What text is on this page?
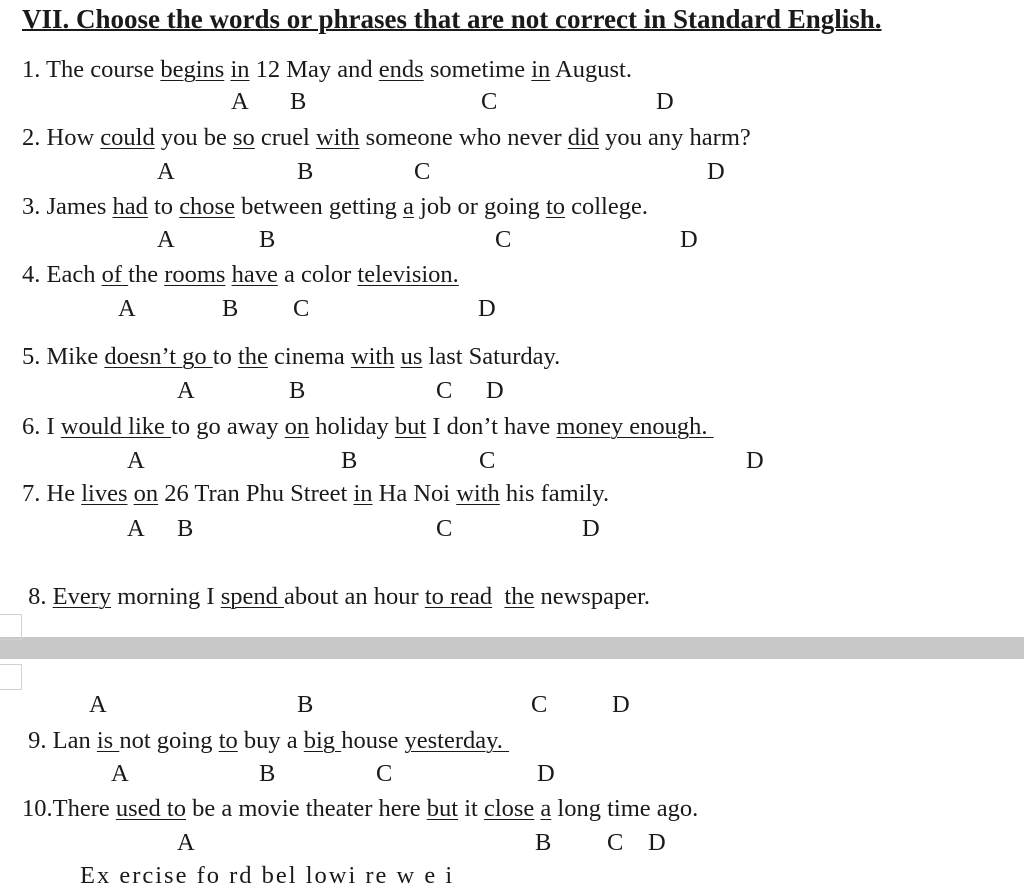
VII. Choose the words or phrases that are not correct in Standard English.
1. The course begins in 12 May and ends sometime in August.
2. How could you be so cruel with someone who never did you any harm?
3. James had to chose between getting a job or going to college.
4. Each of the rooms have a color television.
5. Mike doesn’t go to the cinema with us last Saturday.
6. I would like to go away on holiday but I don’t have money enough.
7. He lives on 26 Tran Phu Street in Ha Noi with his family.
8. Every morning I spend about an hour to read the newspaper.
9. Lan is not going to buy a big house yesterday.
10.There used to be a movie theater here but it close a long time ago.
A B	C	D
A	B	C	D
A	B	C	D
A	B C	D
A	B	C D
A	B	C	D
A B	C	D
A	B	C	D
A	B	C	D
A	B C D
Ex ercise fo rd bel lowi re w e i
